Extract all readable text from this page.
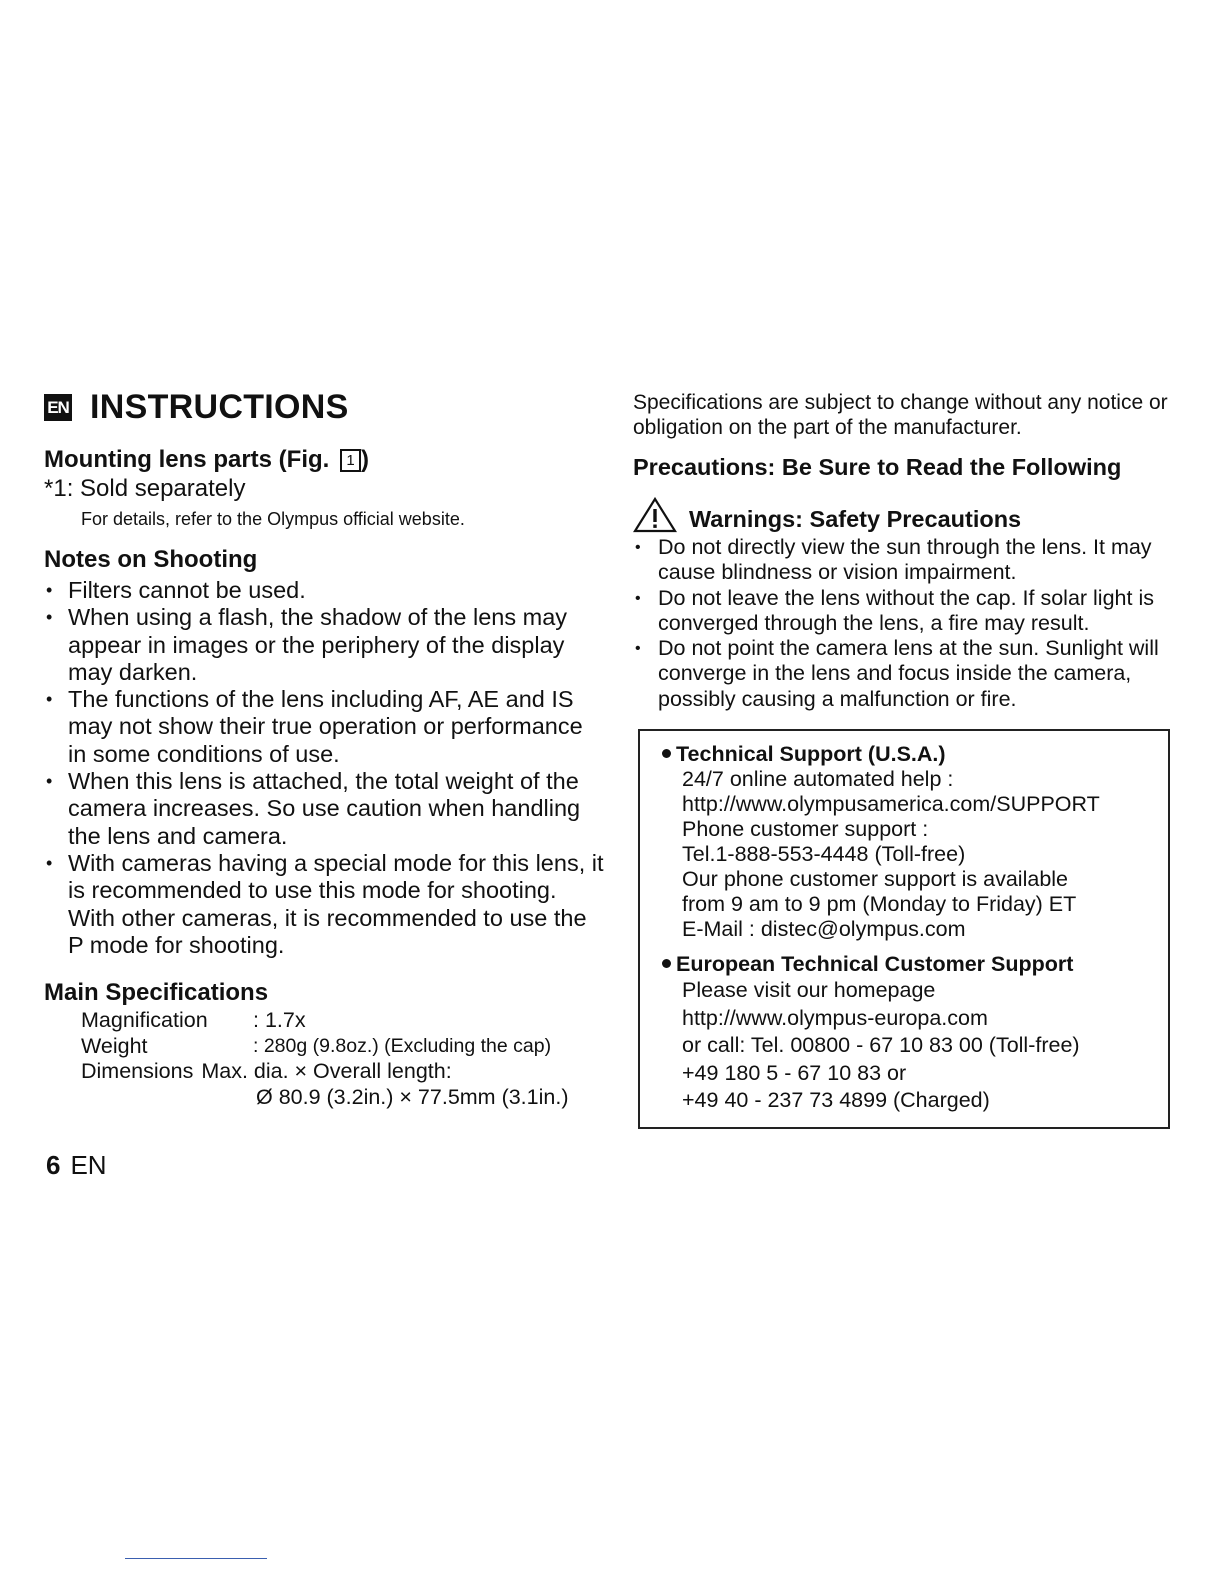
EN INSTRUCTIONS
Mounting lens parts (Fig. 1 )
*1: Sold separately
For details, refer to the Olympus official website.
Notes on Shooting
• Filters cannot be used.
• When using a flash, the shadow of the lens may appear in images or the periphery of the display may darken.
• The functions of the lens including AF, AE and IS may not show their true operation or performance in some conditions of use.
• When this lens is attached, the total weight of the camera increases. So use caution when handling the lens and camera.
• With cameras having a special mode for this lens, it is recommended to use this mode for shooting. With other cameras, it is recommended to use the P mode for shooting.
Main Specifications
Magnification	: 1.7x
Weight	: 280g (9.8oz.) (Excluding the cap)
Dimensions Max. dia. × Overall length:
Ø 80.9 (3.2in.) × 77.5mm (3.1in.)
6 EN
Specifications are subject to change without any notice or obligation on the part of the manufacturer.
Precautions: Be Sure to Read the Following
Warnings: Safety Precautions
• Do not directly view the sun through the lens. It may cause blindness or vision impairment.
• Do not leave the lens without the cap. If solar light is converged through the lens, a fire may result.
• Do not point the camera lens at the sun. Sunlight will converge in the lens and focus inside the camera, possibly causing a malfunction or fire.
Technical Support (U.S.A.)
24/7 online automated help :
http://www.olympusamerica.com/SUPPORT
Phone customer support :
Tel.1-888-553-4448 (Toll-free)
Our phone customer support is available
from 9 am to 9 pm (Monday to Friday) ET
E-Mail : distec@olympus.com
European Technical Customer Support
Please visit our homepage
http://www.olympus-europa.com
or call: Tel. 00800 - 67 10 83 00 (Toll-free)
+49 180 5 - 67 10 83 or
+49 40 - 237 73 4899 (Charged)
